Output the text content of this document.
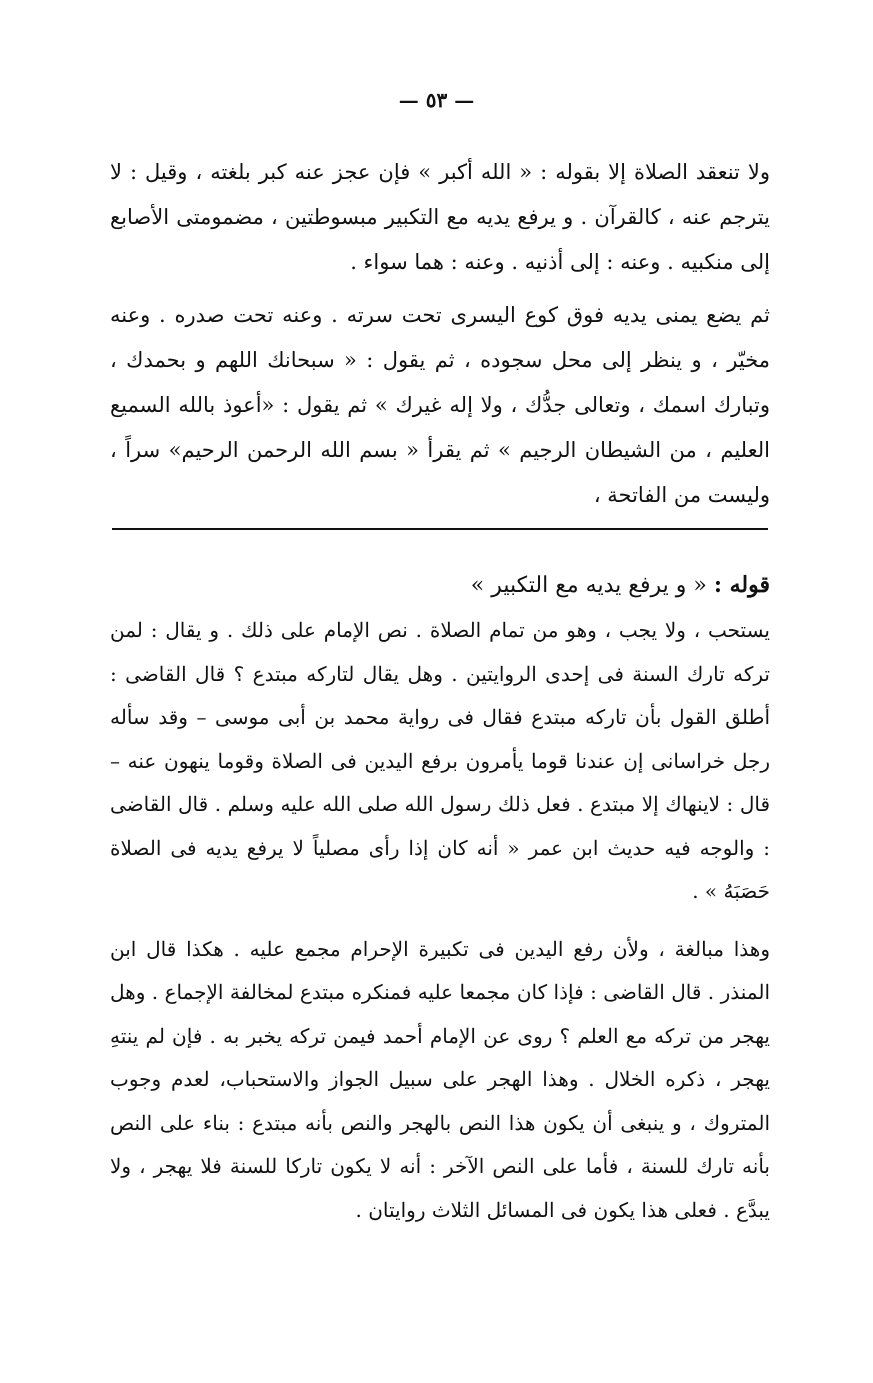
— ٥٣ —

ولا تنعقد الصلاة إلا بقوله : « الله أكبر » فإن عجز عنه كبر بلغته ، وقيل : لا يترجم عنه ، كالقرآن . و يرفع يديه مع التكبير مبسوطتين ، مضمومتى الأصابع إلى منكبيه . وعنه : إلى أذنيه . وعنه : هما سواء .

ثم يضع يمنى يديه فوق كوع اليسرى تحت سرته . وعنه تحت صدره . وعنه مخيّر ، و ينظر إلى محل سجوده ، ثم يقول : « سبحانك اللهم و بحمدك ، وتبارك اسمك ، وتعالى جدُّك ، ولا إله غيرك » ثم يقول : «أعوذ بالله السميع العليم ، من الشيطان الرجيم » ثم يقرأ « بسم الله الرحمن الرحيم» سراً ، وليست من الفاتحة ،

قوله : « و يرفع يديه مع التكبير »

يستحب ، ولا يجب ، وهو من تمام الصلاة . نص الإمام على ذلك . و يقال : لمن تركه تارك السنة فى إحدى الروايتين . وهل يقال لتاركه مبتدع ؟ قال القاضى : أطلق القول بأن تاركه مبتدع فقال فى رواية محمد بن أبى موسى – وقد سأله رجل خراسانى إن عندنا قوما يأمرون برفع اليدين فى الصلاة وقوما ينهون عنه – قال : لاينهاك إلا مبتدع . فعل ذلك رسول الله صلى الله عليه وسلم . قال القاضى : والوجه فيه حديث ابن عمر « أنه كان إذا رأى مصلياً لا يرفع يديه فى الصلاة حَصَبَهُ » .

وهذا مبالغة ، ولأن رفع اليدين فى تكبيرة الإحرام مجمع عليه . هكذا قال ابن المنذر . قال القاضى : فإذا كان مجمعا عليه فمنكره مبتدع لمخالفة الإجماع . وهل يهجر من تركه مع العلم ؟ روى عن الإمام أحمد فيمن تركه يخبر به . فإن لم ينتهِ يهجر ، ذكره الخلال . وهذا الهجر على سبيل الجواز والاستحباب، لعدم وجوب المتروك ، و ينبغى أن يكون هذا النص بالهجر والنص بأنه مبتدع : بناء على النص بأنه تارك للسنة ، فأما على النص الآخر : أنه لا يكون تاركا للسنة فلا يهجر ، ولا يبدَّع . فعلى هذا يكون فى المسائل الثلاث روايتان .
